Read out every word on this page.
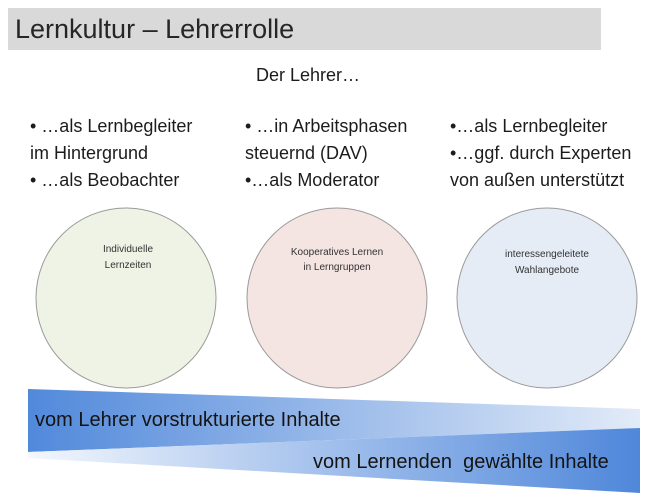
Individuelle
Lernzeiten
Kooperatives Lernen
in Lerngruppen
interessengeleitete
Wahlangebote
Lernkultur – Lehrerrolle
Der Lehrer…
• …als Lernbegleiter
im Hintergrund
• …als Beobachter
• …in Arbeitsphasen
steuernd (DAV)
•…als Moderator
•…als Lernbegleiter
•…ggf. durch Experten
von außen unterstützt
vom Lehrer vorstrukturierte Inhalte
vom Lernenden  gewählte Inhalte
